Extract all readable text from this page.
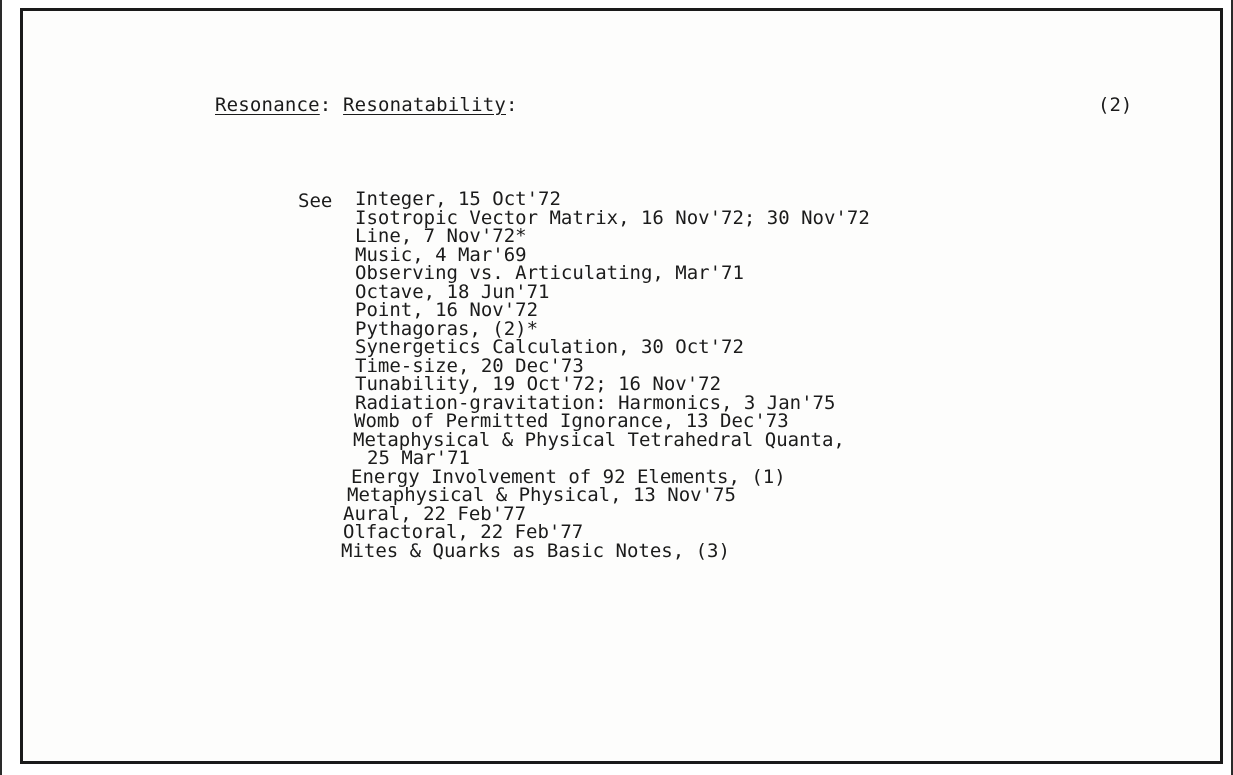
Resonance: Resonatability:	(2)
See Integer, 15 Oct'72
Isotropic Vector Matrix, 16 Nov'72; 30 Nov'72
Line, 7 Nov'72*
Music, 4 Mar'69
Observing vs. Articulating, Mar'71
Octave, 18 Jun'71
Point, 16 Nov'72
Pythagoras, (2)*
Synergetics Calculation, 30 Oct'72
Time-size, 20 Dec'73
Tunability, 19 Oct'72; 16 Nov'72
Radiation-gravitation: Harmonics, 3 Jan'75
Womb of Permitted Ignorance, 13 Dec'73
Metaphysical & Physical Tetrahedral Quanta,
25 Mar'71
Energy Involvement of 92 Elements, (1)
Metaphysical & Physical, 13 Nov'75
Aural, 22 Feb'77
Olfactoral, 22 Feb'77
Mites & Quarks as Basic Notes, (3)
